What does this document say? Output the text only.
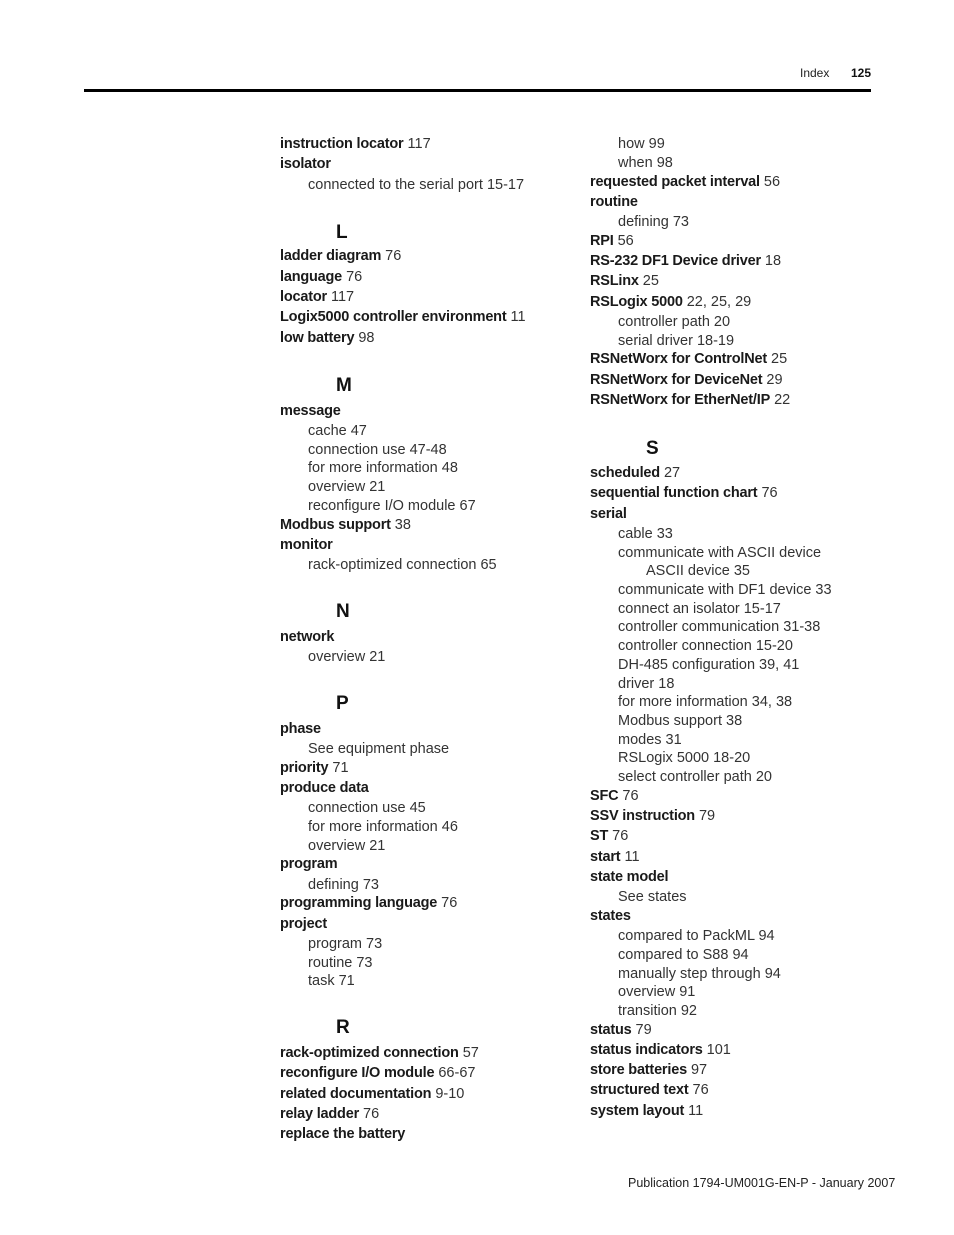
Index 125
instruction locator 117
isolator
connected to the serial port 15-17
L
ladder diagram 76
language 76
locator 117
Logix5000 controller environment 11
low battery 98
M
message
cache 47
connection use 47-48
for more information 48
overview 21
reconfigure I/O module 67
Modbus support 38
monitor
rack-optimized connection 65
N
network
overview 21
P
phase
See equipment phase
priority 71
produce data
connection use 45
for more information 46
overview 21
program
defining 73
programming language 76
project
program 73
routine 73
task 71
R
rack-optimized connection 57
reconfigure I/O module 66-67
related documentation 9-10
relay ladder 76
replace the battery
how 99
when 98
requested packet interval 56
routine
defining 73
RPI 56
RS-232 DF1 Device driver 18
RSLinx 25
RSLogix 5000 22, 25, 29
controller path 20
serial driver 18-19
RSNetWorx for ControlNet 25
RSNetWorx for DeviceNet 29
RSNetWorx for EtherNet/IP 22
S
scheduled 27
sequential function chart 76
serial
cable 33
communicate with ASCII device
ASCII device 35
communicate with DF1 device 33
connect an isolator 15-17
controller communication 31-38
controller connection 15-20
DH-485 configuration 39, 41
driver 18
for more information 34, 38
Modbus support 38
modes 31
RSLogix 5000 18-20
select controller path 20
SFC 76
SSV instruction 79
ST 76
start 11
state model
See states
states
compared to PackML 94
compared to S88 94
manually step through 94
overview 91
transition 92
status 79
status indicators 101
store batteries 97
structured text 76
system layout 11
Publication 1794-UM001G-EN-P - January 2007
